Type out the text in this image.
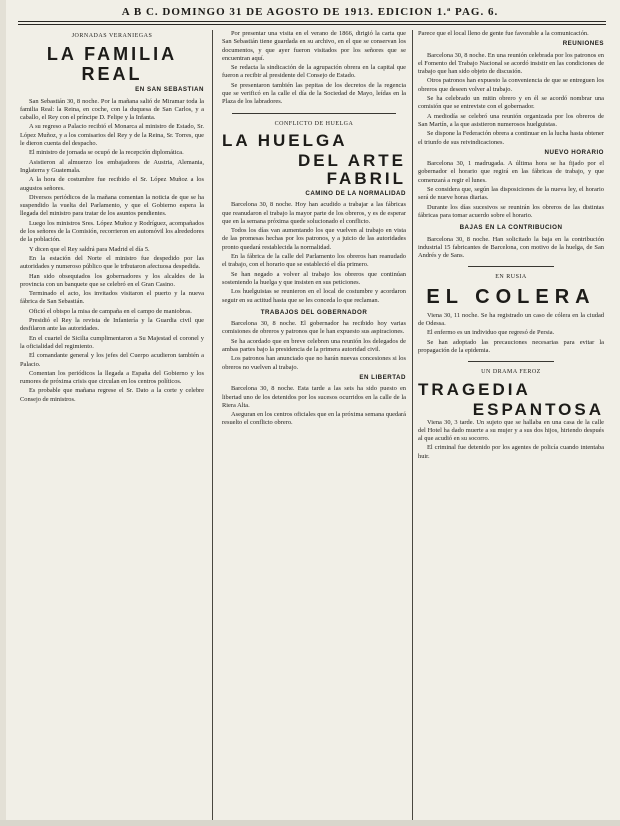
A B C. DOMINGO 31 DE AGOSTO DE 1913. EDICION 1.ª PAG. 6.
JORNADAS VERANIEGAS
LA FAMILIA REAL
EN SAN SEBASTIAN

San Sebastián 30, 8 noche. Por la mañana salió de Miramar toda la familia Real: la Reina, en coche, con la duquesa de San Carlos, y a caballo, el Rey con el príncipe D. Felipe y la Infanta.

A su regreso a Palacio recibió el Monarca al ministro de Estado, Sr. López Muñoz, y a los comisarios del Rey y de la Reina, Sr. Torres, que le dieron cuenta del despacho.

El ministro de jornada se ocupó de la recepción diplomática.

Asistieron al almuerzo los embajadores de Austria, Alemania, Inglaterra y Guatemala.

A la hora de costumbre fue recibido el Sr. López Muñoz a los augustos señores.

Diversos periódicos de la mañana comentan la noticia de que se ha suspendido la vuelta del Parlamento, y que el Gobierno espera la llegada del ministro para tratar de los asuntos pendientes.

Luego los ministros Sres. López Muñoz y Rodríguez, acompañados de los señores de la Comisión, recorrieron en automóvil los alrededores de la población.

Y dicen que el Rey saldrá para Madrid el día 5.

En la estación del Norte el ministro fue despedido por las autoridades y numeroso público que le tributaron afectuosa despedida.

Han sido obsequiados los gobernadores y los alcaldes de la provincia con un banquete que se celebró en el Gran Casino.

Terminado el acto, los invitados visitaron el puerto y la nueva fábrica de San Sebastián.

Ofició el obispo la misa de campaña en el campo de maniobras.

Presidió el Rey la revista de Infantería y la Guardia civil que desfilaron ante las autoridades.

En el cuartel de Sicilia cumplimentaron a Su Majestad el coronel y la oficialidad del regimiento.

El comandante general y los jefes del Cuerpo acudieron también a Palacio.

Comentan los periódicos la llegada a España del Gobierno y los rumores de próxima crisis que circulan en los centros políticos.

Es probable que mañana regrese el Sr. Dato a la corte y celebre Consejo de ministros.

Por presentar una visita en el verano de 1866, dirigió la carta que San Sebastián tiene guardada en su archivo, en el que se conservan los documentos, y que ayer fueron visitados por los señores que se encuentran aquí.

Se redacta la sindicación de la agrupación obrera en la capital que fueron a recibir al presidente del Consejo de Estado.

Se presentaron también las pepitas de los decretos de la regencia que se verificó en la calle el día de la Sociedad de Mayo, leídas en la Plaza de los labradores.

CONFLICTO DE HUELGA
LA HUELGA
DEL ARTE FABRIL
CAMINO DE LA NORMALIDAD

Barcelona 30, 8 noche. Hoy han acudido a trabajar a las fábricas que reanudaron el trabajo la mayor parte de los obreros, y es de esperar que en la semana próxima quede solucionado el conflicto.

Todos los días van aumentando los que vuelven al trabajo en vista de las promesas hechas por los patronos, y a juicio de las autoridades pronto quedará restablecida la normalidad.

En la fábrica de la calle del Parlamento los obreros han reanudado el trabajo, con el horario que se estableció el día primero.

Se han negado a volver al trabajo los obreros que continúan sosteniendo la huelga y que insisten en sus peticiones.

Los huelguistas se reunieron en el local de costumbre y acordaron seguir en su actitud hasta que se les conceda lo que reclaman.

TRABAJOS DEL GOBERNADOR

Barcelona 30, 8 noche. El gobernador ha recibido hoy varias comisiones de obreros y patronos que le han expuesto sus aspiraciones.

Se ha acordado que en breve celebren una reunión los delegados de ambas partes bajo la presidencia de la primera autoridad civil.

Los patronos han anunciado que no harán nuevas concesiones si los obreros no vuelven al trabajo.

EN LIBERTAD

Barcelona 30, 8 noche. Esta tarde a las seis ha sido puesto en libertad uno de los detenidos por los sucesos ocurridos en la calle de la Riera Alta.

Aseguran en los centros oficiales que en la próxima semana quedará resuelto el conflicto obrero.

Parece que el local lleno de gente fue favorable a la comunicación.

REUNIONES

Barcelona 30, 8 noche. En una reunión celebrada por los patronos en el Fomento del Trabajo Nacional se acordó insistir en las condiciones de trabajo que han sido objeto de discusión.

Otros patronos han expuesto la conveniencia de que se entreguen los obreros que deseen volver al trabajo.

Se ha celebrado un mitin obrero y en él se acordó nombrar una comisión que se entreviste con el gobernador.

A mediodía se celebró una reunión organizada por los obreros de San Martín, a la que asistieron numerosos huelguistas.

Se dispone la Federación obrera a continuar en la lucha hasta obtener el triunfo de sus reivindicaciones.

NUEVO HORARIO

Barcelona 30, 1 madrugada. A última hora se ha fijado por el gobernador el horario que regirá en las fábricas de trabajo, y que comenzará a regir el lunes.

Se considera que, según las disposiciones de la nueva ley, el horario será de nueve horas diarias.

Durante los días sucesivos se reunirán los obreros de las distintas fábricas para tomar acuerdo sobre el horario.

BAJAS EN LA CONTRIBUCION

Barcelona 30, 8 noche. Han solicitado la baja en la contribución industrial 15 fabricantes de Barcelona, con motivo de la huelga, de San Andrés y de Sans.

EN RUSIA
EL COLERA

Viena 30, 11 noche. Se ha registrado un caso de cólera en la ciudad de Odessa.

El enfermo es un individuo que regresó de Persia.

Se han adoptado las precauciones necesarias para evitar la propagación de la epidemia.

UN DRAMA FEROZ
TRAGEDIA
ESPANTOSA

Viena 30, 3 tarde. Un sujeto que se hallaba en una casa de la calle del Hotel ha dado muerte a su mujer y a sus dos hijos, hiriendo después al que acudió en su socorro.

El criminal fue detenido por los agentes de policía cuando intentaba huir.
